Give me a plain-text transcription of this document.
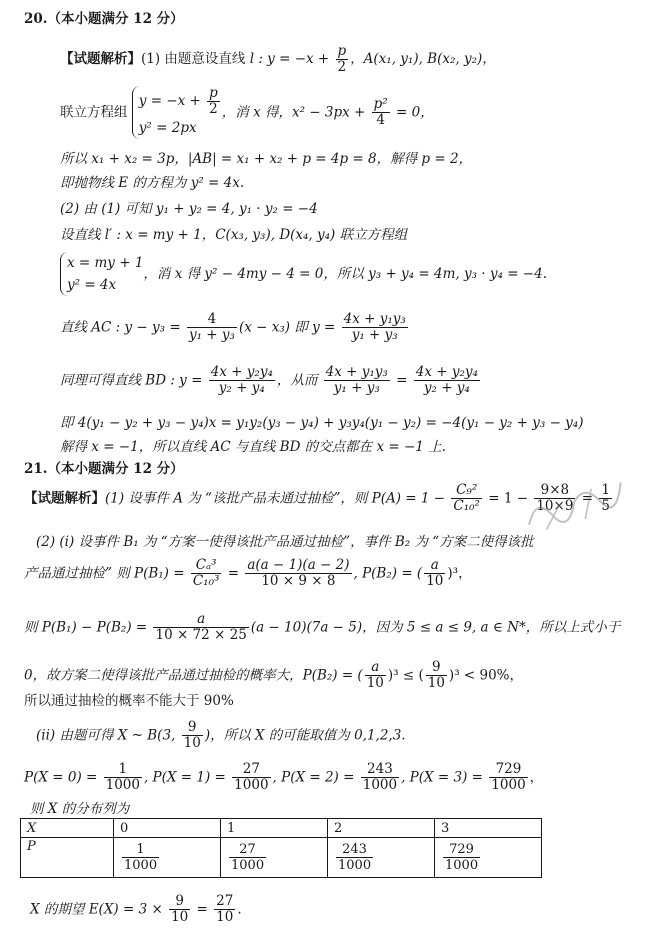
20.（本小题满分 12 分）
【试题解析】(1) 由题意设直线 l : $y = -x + \frac{p}{2}$ ，A(x₁, y₁), B(x₂, y₂)，
联立方程组
$y = -x + \frac{p}{2}$
y² = 2px
，消 x 得，$x^2 - 3px + \frac{\text{p²}}{4} = 0$，
所以 x₁ + x₂ = 3p，|AB| = x₁ + x₂ + p = 4p = 8，解得 p = 2，
即抛物线 E 的方程为 y² = 4x.
(2) 由 (1) 可知 y₁ + y₂ = 4, y₁ · y₂ = −4
设直线 l′ : x = my + 1，C(x₃, y₃), D(x₄, y₄) 联立方程组
x = my + 1
y² = 4x
，消 x 得 y² − 4my − 4 = 0，所以 y₃ + y₄ = 4m, y₃ · y₄ = −4.
直线 AC : $y - y_3 = \frac{4}{\text{y₁ + y₃}} (x - x_3)$ 即 $y = \frac{\text{4x + y₁y₃}}{\text{y₁ + y₃}}$
同理可得直线 BD : $y = \frac{\text{4x + y₂y₄}}{\text{y₂ + y₄}}$ ，从而 $\frac{\text{4x + y₁y₃}}{\text{y₁ + y₃}} = \frac{\text{4x + y₂y₄}}{\text{y₂ + y₄}}$
即 4(y₁ − y₂ + y₃ − y₄)x = y₁y₂(y₃ − y₄) + y₃y₄(y₁ − y₂) = −4(y₁ − y₂ + y₃ − y₄)
解得 x = −1，所以直线 AC 与直线 BD 的交点都在 x = −1 上.
21.（本小题满分 12 分）
【试题解析】(1) 设事件 A 为 “该批产品未通过抽检”，则 $P(A) = 1 - \frac{\text{C₉²}}{\text{C₁₀²}} = 1 - \frac{9\times 8}{10\times 9} = \frac{1}{5}$
(2) (i) 设事件 B₁ 为 “方案一使得该批产品通过抽检”，事件 B₂ 为 “方案二使得该批
产品通过抽检” 则 $P(B_1) = \frac{\text{Cₐ³}}{\text{C₁₀³}} = \frac{a(a - 1)(a - 2)}{10 \times 9 \times 8}$ , P(B₂) = ( $\frac{a}{10} )^3$，
则 $P(B_1) - P(B_2) = \frac{a}{10 \times 72 \times 25} (a - 10)(7a - 5)$，因为 5 ≤ a ≤ 9, a ∈ N*，所以上式小于
0，故方案二使得该批产品通过抽检的概率大，P(B₂) = ( $\frac{a}{10} )^3$ ≤ ( $\frac{9}{10} )^3 < 90\%$，
所以通过抽检的概率不能大于 90%
(ii) 由题可得 X ~ B(3, $\frac{9}{10}$ )，所以 X 的可能取值为 0,1,2,3.
$P(X = 0) = \frac{1}{1000}$ , $P(X = 1) = \frac{27}{1000}$ , $P(X = 2) = \frac{243}{1000}$ , $P(X = 3) = \frac{729}{1000}$ ，
则 X 的分布列为
X	0	1	2	3
P	$\frac{1}{1000}$	$\frac{27}{1000}$	$\frac{243}{1000}$	$\frac{729}{1000}$
X 的期望 $E(X) = 3 \times \frac{9}{10} = \frac{27}{10}$ .
